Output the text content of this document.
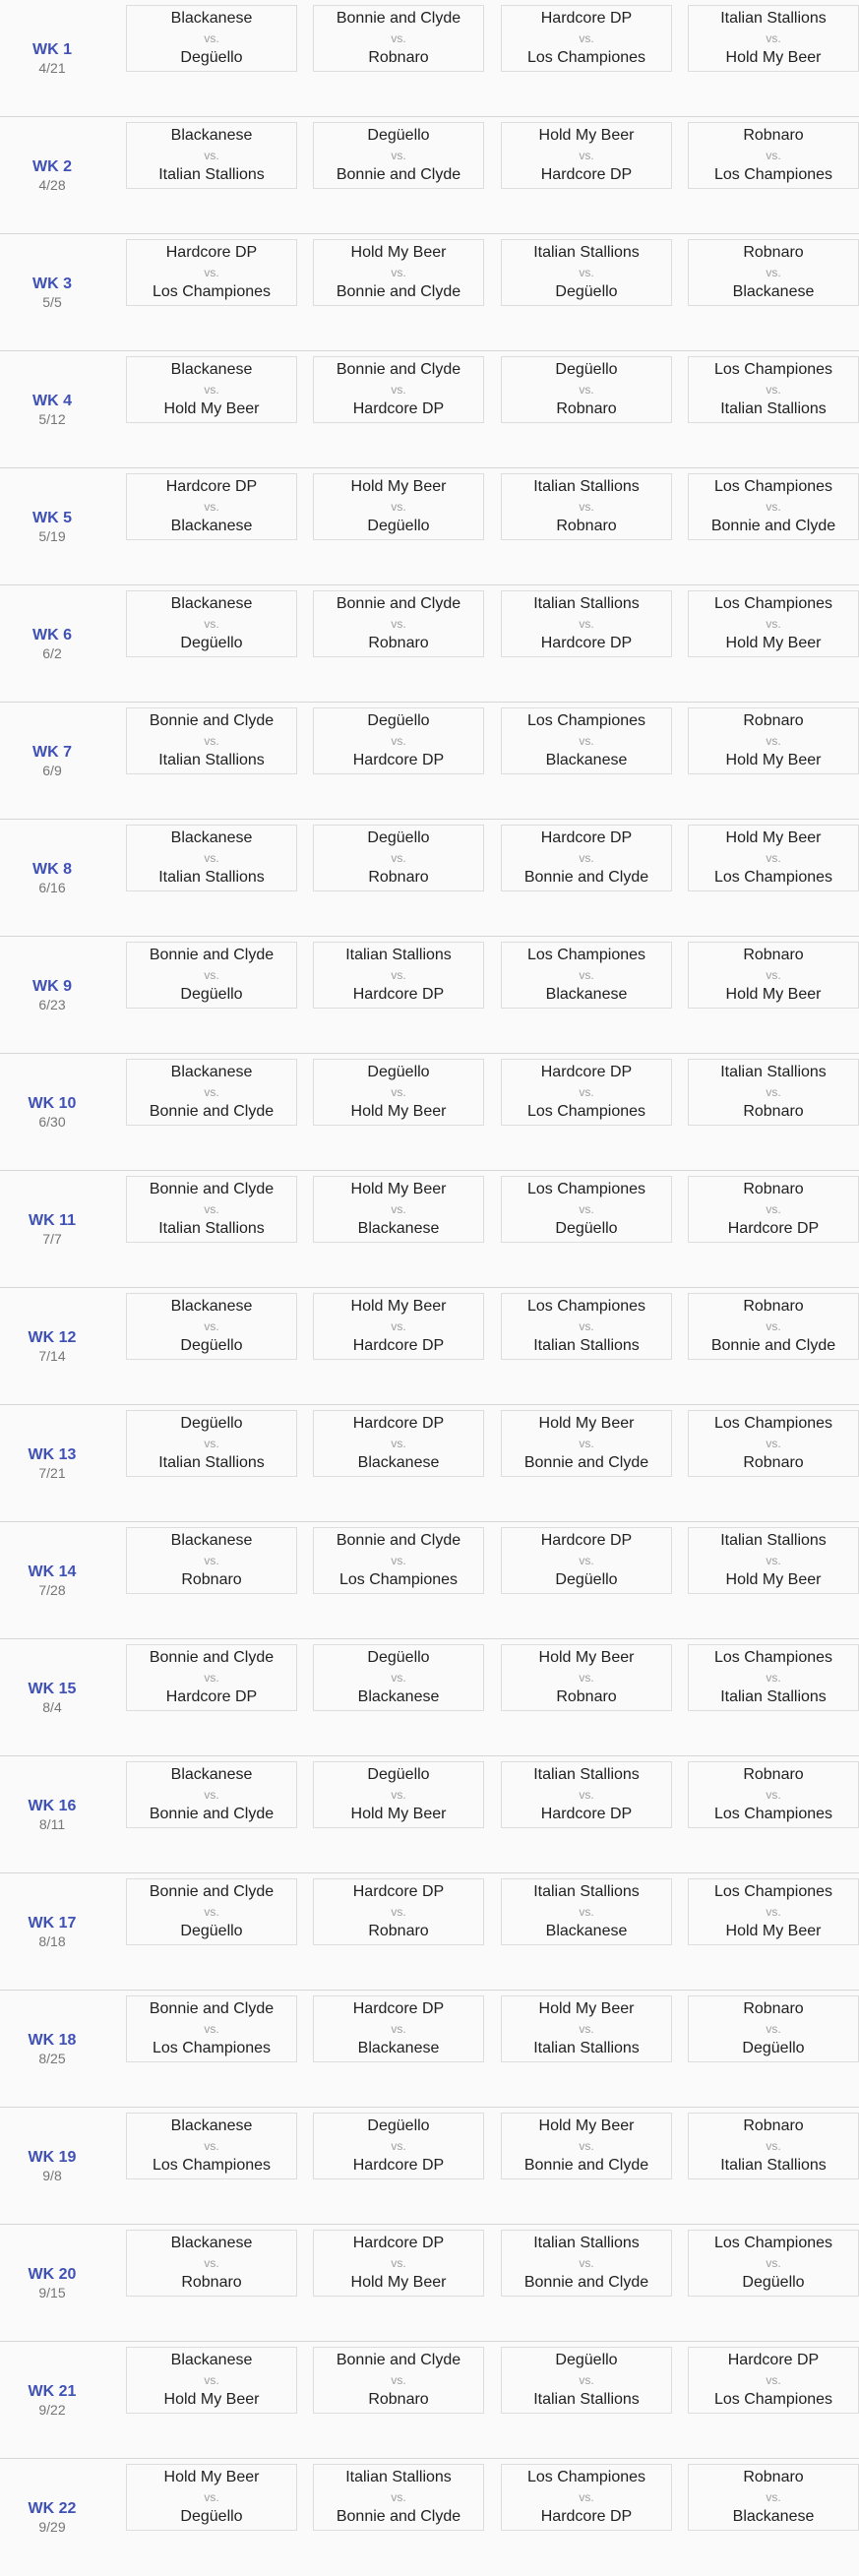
WK 1
4/21
Blackanese
vs.
Degüello
Bonnie and Clyde
vs.
Robnaro
Hardcore DP
vs.
Los Championes
Italian Stallions
vs.
Hold My Beer
WK 2
4/28
Blackanese
vs.
Italian Stallions
Degüello
vs.
Bonnie and Clyde
Hold My Beer
vs.
Hardcore DP
Robnaro
vs.
Los Championes
WK 3
5/5
Hardcore DP
vs.
Los Championes
Hold My Beer
vs.
Bonnie and Clyde
Italian Stallions
vs.
Degüello
Robnaro
vs.
Blackanese
WK 4
5/12
Blackanese
vs.
Hold My Beer
Bonnie and Clyde
vs.
Hardcore DP
Degüello
vs.
Robnaro
Los Championes
vs.
Italian Stallions
WK 5
5/19
Hardcore DP
vs.
Blackanese
Hold My Beer
vs.
Degüello
Italian Stallions
vs.
Robnaro
Los Championes
vs.
Bonnie and Clyde
WK 6
6/2
Blackanese
vs.
Degüello
Bonnie and Clyde
vs.
Robnaro
Italian Stallions
vs.
Hardcore DP
Los Championes
vs.
Hold My Beer
WK 7
6/9
Bonnie and Clyde
vs.
Italian Stallions
Degüello
vs.
Hardcore DP
Los Championes
vs.
Blackanese
Robnaro
vs.
Hold My Beer
WK 8
6/16
Blackanese
vs.
Italian Stallions
Degüello
vs.
Robnaro
Hardcore DP
vs.
Bonnie and Clyde
Hold My Beer
vs.
Los Championes
WK 9
6/23
Bonnie and Clyde
vs.
Degüello
Italian Stallions
vs.
Hardcore DP
Los Championes
vs.
Blackanese
Robnaro
vs.
Hold My Beer
WK 10
6/30
Blackanese
vs.
Bonnie and Clyde
Degüello
vs.
Hold My Beer
Hardcore DP
vs.
Los Championes
Italian Stallions
vs.
Robnaro
WK 11
7/7
Bonnie and Clyde
vs.
Italian Stallions
Hold My Beer
vs.
Blackanese
Los Championes
vs.
Degüello
Robnaro
vs.
Hardcore DP
WK 12
7/14
Blackanese
vs.
Degüello
Hold My Beer
vs.
Hardcore DP
Los Championes
vs.
Italian Stallions
Robnaro
vs.
Bonnie and Clyde
WK 13
7/21
Degüello
vs.
Italian Stallions
Hardcore DP
vs.
Blackanese
Hold My Beer
vs.
Bonnie and Clyde
Los Championes
vs.
Robnaro
WK 14
7/28
Blackanese
vs.
Robnaro
Bonnie and Clyde
vs.
Los Championes
Hardcore DP
vs.
Degüello
Italian Stallions
vs.
Hold My Beer
WK 15
8/4
Bonnie and Clyde
vs.
Hardcore DP
Degüello
vs.
Blackanese
Hold My Beer
vs.
Robnaro
Los Championes
vs.
Italian Stallions
WK 16
8/11
Blackanese
vs.
Bonnie and Clyde
Degüello
vs.
Hold My Beer
Italian Stallions
vs.
Hardcore DP
Robnaro
vs.
Los Championes
WK 17
8/18
Bonnie and Clyde
vs.
Degüello
Hardcore DP
vs.
Robnaro
Italian Stallions
vs.
Blackanese
Los Championes
vs.
Hold My Beer
WK 18
8/25
Bonnie and Clyde
vs.
Los Championes
Hardcore DP
vs.
Blackanese
Hold My Beer
vs.
Italian Stallions
Robnaro
vs.
Degüello
WK 19
9/8
Blackanese
vs.
Los Championes
Degüello
vs.
Hardcore DP
Hold My Beer
vs.
Bonnie and Clyde
Robnaro
vs.
Italian Stallions
WK 20
9/15
Blackanese
vs.
Robnaro
Hardcore DP
vs.
Hold My Beer
Italian Stallions
vs.
Bonnie and Clyde
Los Championes
vs.
Degüello
WK 21
9/22
Blackanese
vs.
Hold My Beer
Bonnie and Clyde
vs.
Robnaro
Degüello
vs.
Italian Stallions
Hardcore DP
vs.
Los Championes
WK 22
9/29
Hold My Beer
vs.
Degüello
Italian Stallions
vs.
Bonnie and Clyde
Los Championes
vs.
Hardcore DP
Robnaro
vs.
Blackanese
